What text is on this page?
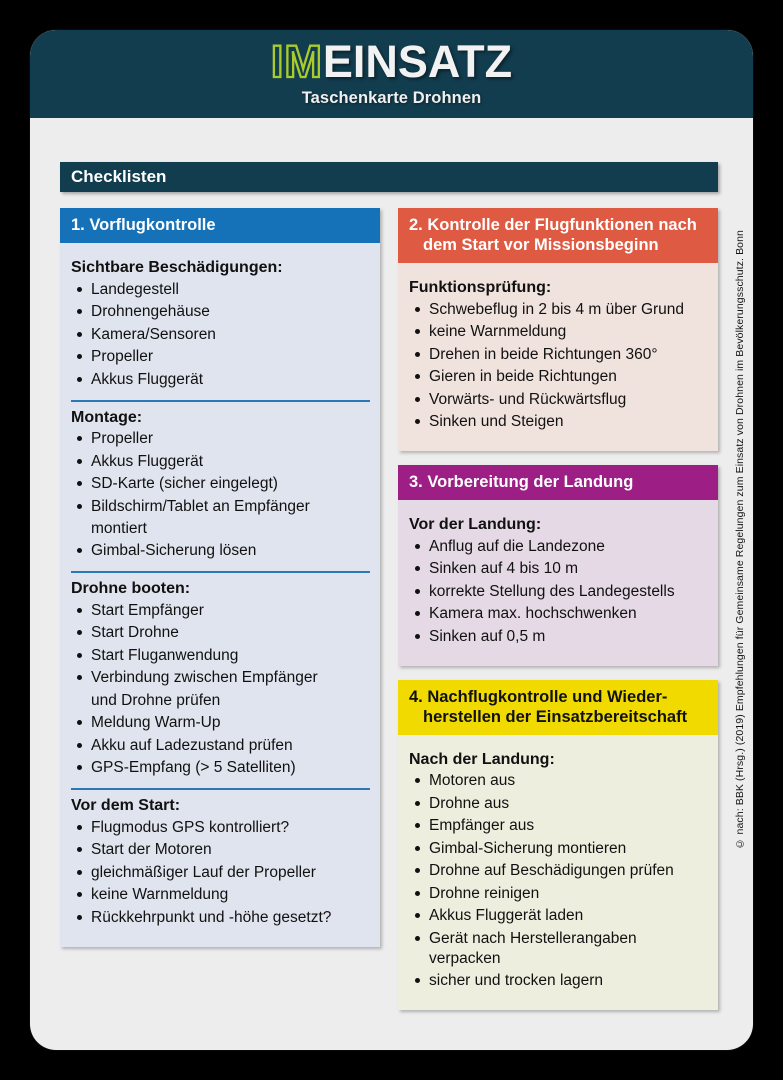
IMEINSATZ
Taschenkarte Drohnen
Checklisten
1. Vorflugkontrolle
Sichtbare Beschädigungen:
Landegestell
Drohnengehäuse
Kamera/Sensoren
Propeller
Akkus Fluggerät
Montage:
Propeller
Akkus Fluggerät
SD-Karte (sicher eingelegt)
Bildschirm/Tablet an Empfänger
montiert
Gimbal-Sicherung lösen
Drohne booten:
Start Empfänger
Start Drohne
Start Fluganwendung
Verbindung zwischen Empfänger
und Drohne prüfen
Meldung Warm-Up
Akku auf Ladezustand prüfen
GPS-Empfang (> 5 Satelliten)
Vor dem Start:
Flugmodus GPS kontrolliert?
Start der Motoren
gleichmäßiger Lauf der Propeller
keine Warnmeldung
Rückkehrpunkt und -höhe gesetzt?
2. Kontrolle der Flugfunktionen nach
dem Start vor Missionsbeginn
Funktionsprüfung:
Schwebeflug in 2 bis 4 m über Grund
keine Warnmeldung
Drehen in beide Richtungen 360°
Gieren in beide Richtungen
Vorwärts- und Rückwärtsflug
Sinken und Steigen
3. Vorbereitung der Landung
Vor der Landung:
Anflug auf die Landezone
Sinken auf 4 bis 10 m
korrekte Stellung des Landegestells
Kamera max. hochschwenken
Sinken auf 0,5 m
4. Nachflugkontrolle und Wieder-
herstellen der Einsatzbereitschaft
Nach der Landung:
Motoren aus
Drohne aus
Empfänger aus
Gimbal-Sicherung montieren
Drohne auf Beschädigungen prüfen
Drohne reinigen
Akkus Fluggerät laden
Gerät nach Herstellerangaben verpacken
sicher und trocken lagern
© nach: BBK (Hrsg.) (2019) Empfehlungen für Gemeinsame Regelungen zum Einsatz von Drohnen im Bevölkerungsschutz. Bonn
